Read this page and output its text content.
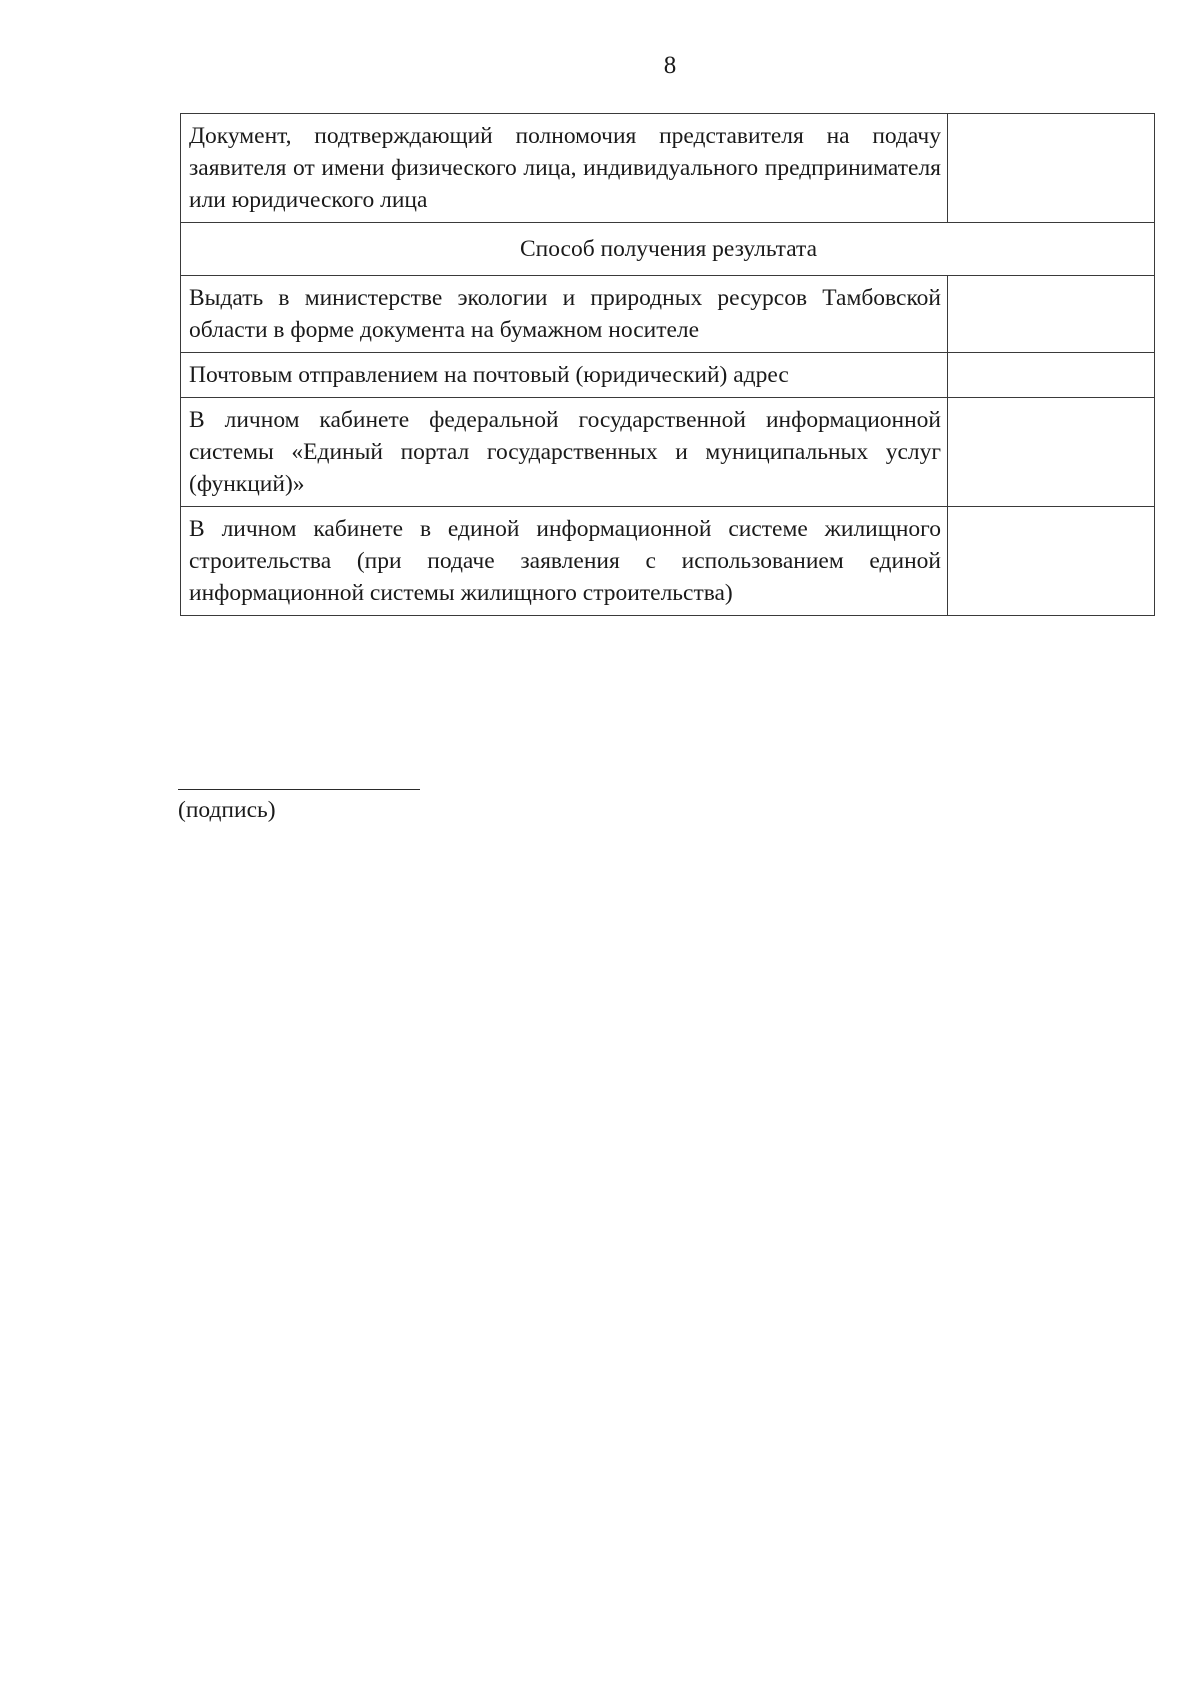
8
Документ, подтверждающий полномочия представителя на подачу заявителя от имени физического лица, индивидуального предпринимателя или юридического лица	
Способ получения результата	
Выдать в министерстве экологии и природных ресурсов Тамбовской области в форме документа на бумажном носителе	
Почтовым отправлением на почтовый (юридический) адрес	
В личном кабинете федеральной государственной информационной системы «Единый портал государственных и муниципальных услуг (функций)»	
В личном кабинете в единой информационной системе жилищного строительства (при подаче заявления с использованием единой информационной системы жилищного строительства)	
(подпись)
